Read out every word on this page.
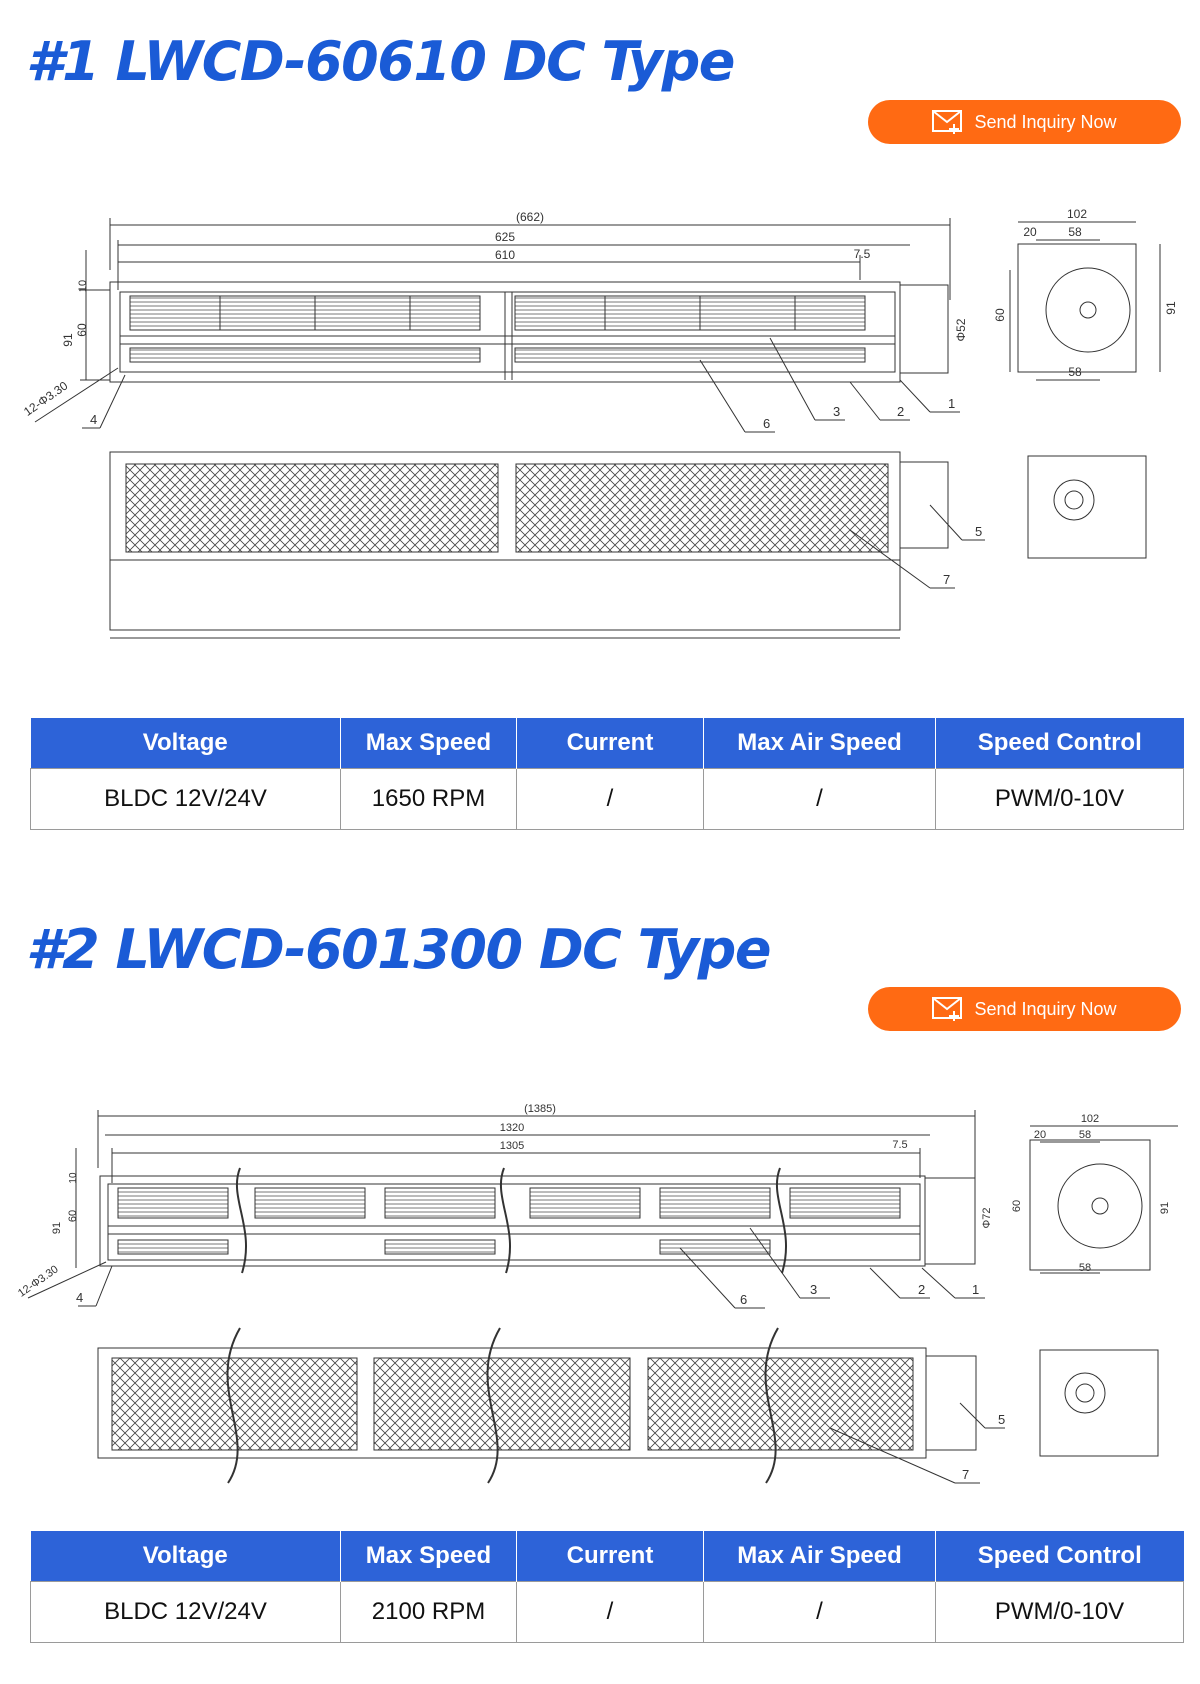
#1 LWCD-60610 DC Type
Send Inquiry Now
(662)
625
610	7.5
91
60
10
12-Φ3.30
Φ52
102
58
20
58
91
60
1
2
3
6
4
5
7
Voltage	Max Speed	Current	Max Air Speed	Speed Control
BLDC 12V/24V	1650 RPM	/	/	PWM/0-10V
#2 LWCD-601300 DC Type
Send Inquiry Now
(1385)
1320
1305	7.5
91
60
10
12-Φ3.30
Φ72
102
58
20
58
91
60
1
2
3
6
4
5
7
Voltage	Max Speed	Current	Max Air Speed	Speed Control
BLDC 12V/24V	2100 RPM	/	/	PWM/0-10V
